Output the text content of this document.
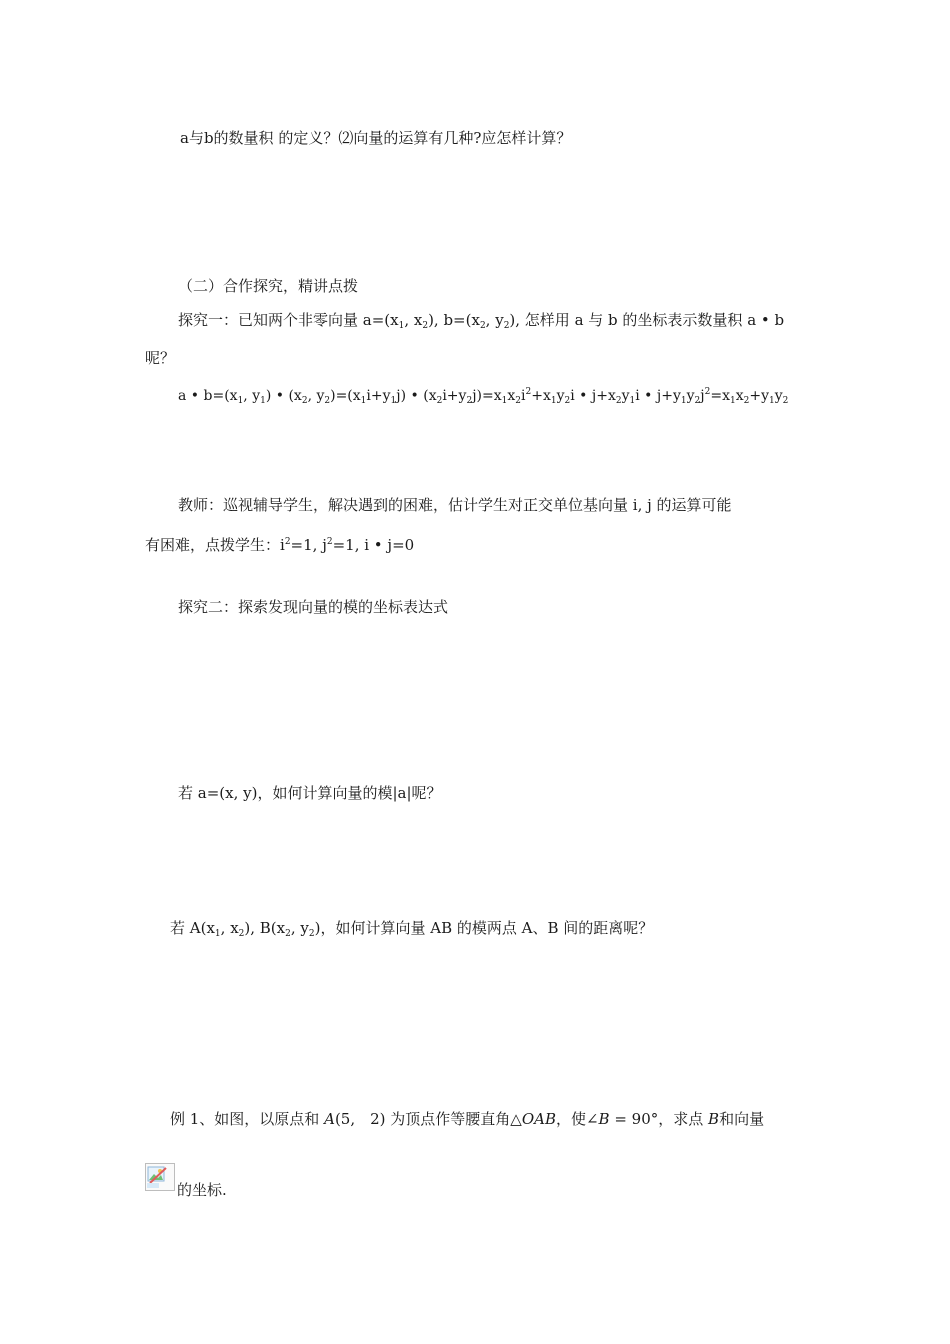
a与b的数量积 的定义？⑵向量的运算有几种?应怎样计算？
（二）合作探究，精讲点拨
探究一：已知两个非零向量 $a=(x_1$, $x_2$), $b=(x_2$, $y_2$), 怎样用 a 与 b 的坐标表示数量积 a • b
呢？
a • $b=(x_1$, $y_1$) • ($x_2$, $y_2)=(x_1i+y_1j)$ • $(x_2i+y_2j)=x_1x_2i^2+x_1y_2i$ • $j+x_2y_1i$ • $j+y_1y_2j^2=x_1x_2+y_1y_2$
教师：巡视辅导学生，解决遇到的困难，估计学生对正交单位基向量 i, j 的运算可能
有困难，点拨学生：$i^2=1$, $j^2=1$, i • j=0
探究二：探索发现向量的模的坐标表达式
若 a=(x, y)，如何计算向量的模|a|呢？
若 $A(x_1$, $x_2$), $B(x_2$, $y_2$)，如何计算向量 AB 的模两点 A、B 间的距离呢？
例 1、如图，以原点和 A(5,　2) 为顶点作等腰直角△OAB，使∠B = 90°，求点 B和向量
的坐标.
